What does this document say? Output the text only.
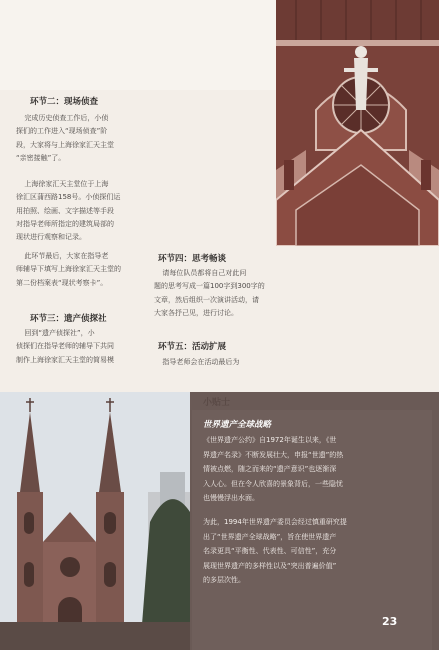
环节二：现场侦查
完成历史侦查工作后，小侦
探们的工作进入“现场侦查”阶
段，大家将与上海徐家汇天主堂
“亲密接触”了。
上海徐家汇天主堂位于上海
徐汇区蒲西路158号。小侦探们运
用拍照、绘画、文字描述等手段
对指导老师所指定的建筑局部的
现状进行观察和记录。
此环节最后，大家在指导老
师辅导下填写上海徐家汇天主堂的
第二份档案表“现状考察卡”。
环节三：遗产侦探社
回到“遗产侦探社”，小
侦探们在指导老师的辅导下共同
制作上海徐家汇天主堂的简易模
环节四：思考畅谈
请每位队员都将自己对此问
题的思考写成一篇100字到300字的
文章，然后组织一次演讲活动，请
大家各抒己见，进行讨论。
环节五：活动扩展
指导老师会在活动最后为
小贴士
世界遗产全球战略
《世界遗产公约》自1972年诞生以来，《世
界遗产名录》不断发展壮大，申报“世遗”的热
情被点燃，随之而来的“遗产意识”也逐渐深
入人心。但在令人欣喜的景象背后，一些隐忧
也慢慢浮出水面。
为此，1994年世界遗产委员会经过慎重研究提
出了“世界遗产全球战略”，旨在使世界遗产
名录更具“平衡性、代表性、可信性”，充分
展现世界遗产的多样性以及“突出普遍价值”
的多层次性。
23
